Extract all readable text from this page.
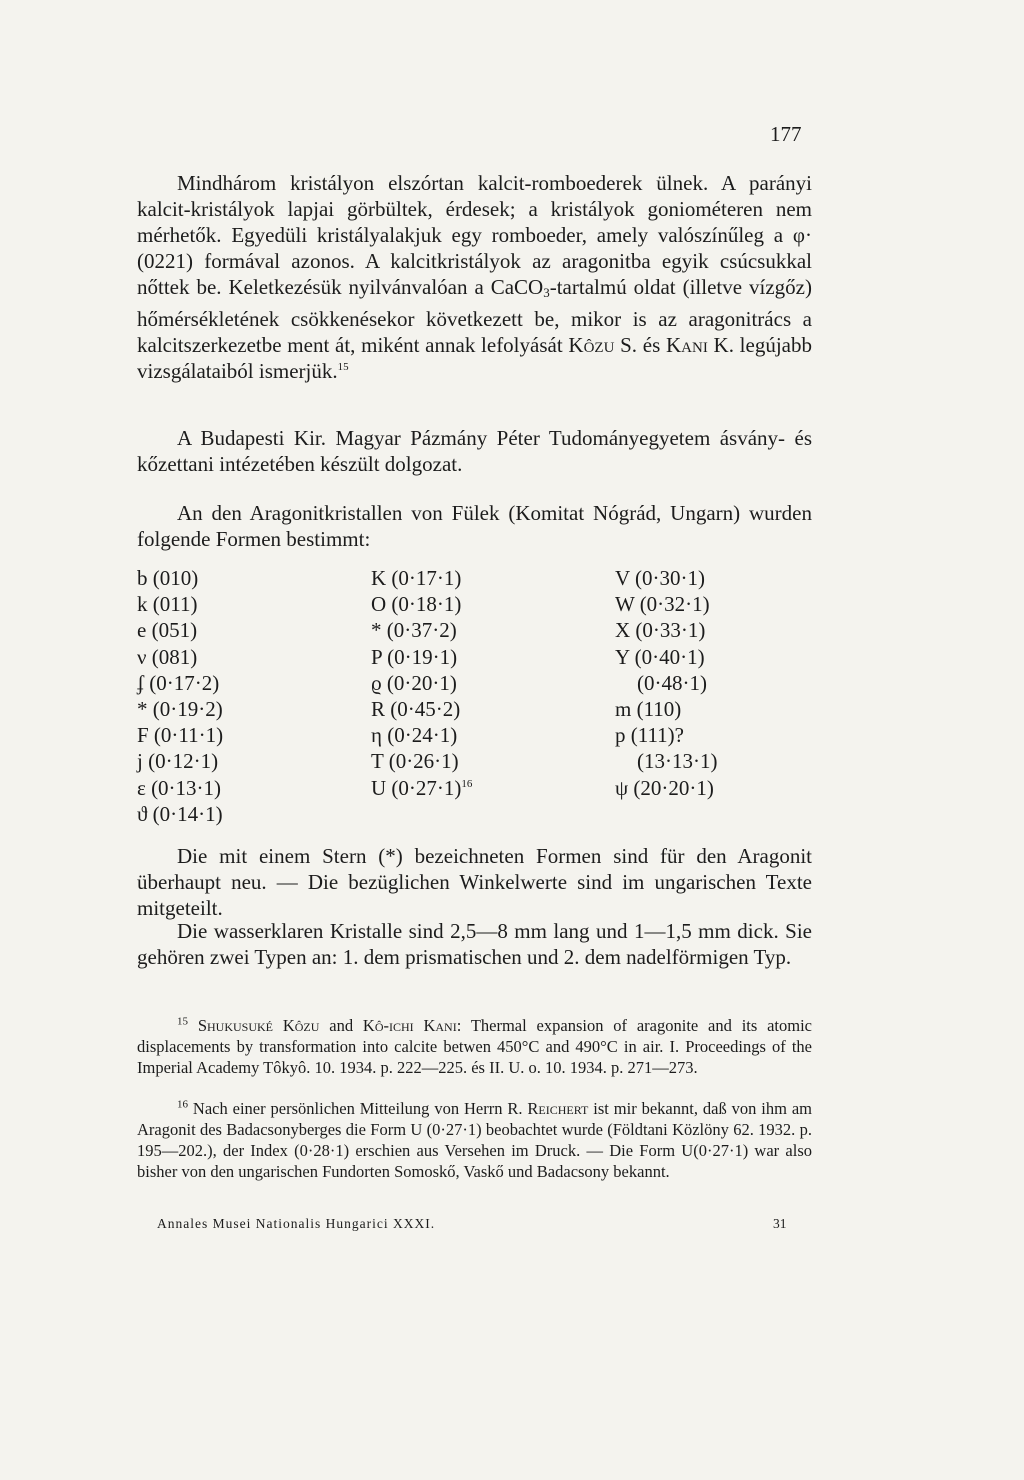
177

Mindhárom kristályon elszórtan kalcit-romboederek ülnek. A parányi kalcit-kristályok lapjai görbültek, érdesek; a kristályok goniométeren nem mérhetők. Egyedüli kristályalakjuk egy romboeder, amely valószínűleg a φ· (0221) formával azonos. A kalcitkristályok az aragonitba egyik csúcsukkal nőttek be. Keletkezésük nyilvánvalóan a CaCO$_3$-tartalmú oldat (illetve vízgőz) hőmérsékletének csökkenésekor következett be, mikor is az aragonitrács a kalcitszerkezetbe ment át, miként annak lefolyását Kôzu S. és Kani K. legújabb vizsgálataiból ismerjük.$^{15}$

A Budapesti Kir. Magyar Pázmány Péter Tudományegyetem ásvány- és kőzettani intézetében készült dolgozat.

An den Aragonitkristallen von Fülek (Komitat Nógrád, Ungarn) wurden folgende Formen bestimmt:

b (010)
k (011)
e (051)
ν (081)
ʄ (0·17·2)
* (0·19·2)
F (0·11·1)
j (0·12·1)
ε (0·13·1)
ϑ (0·14·1)
K (0·17·1)
O (0·18·1)
* (0·37·2)
P (0·19·1)
ϱ (0·20·1)
R (0·45·2)
η (0·24·1)
T (0·26·1)
U $(0\cdot 27\cdot 1)^{16}$
V (0·30·1)
W (0·32·1)
X (0·33·1)
Y (0·40·1)
(0·48·1)
m (110)
p (111)?
(13·13·1)
ψ (20·20·1)

Die mit einem Stern (*) bezeichneten Formen sind für den Aragonit überhaupt neu. — Die bezüglichen Winkelwerte sind im ungarischen Texte mitgeteilt.

Die wasserklaren Kristalle sind 2,5—8 mm lang und 1—1,5 mm dick. Sie gehören zwei Typen an: 1. dem prismatischen und 2. dem nadelförmigen Typ.

$^{15}$ Shukusuké Kôzu and Kô-ichi Kani: Thermal expansion of aragonite and its atomic displacements by transformation into calcite betwen 450°C and 490°C in air. I. Proceedings of the Imperial Academy Tôkyô. 10. 1934. p. 222—225. és II. U. o. 10. 1934. p. 271—273.

$^{16}$ Nach einer persönlichen Mitteilung von Herrn R. Reichert ist mir bekannt, daß von ihm am Aragonit des Badacsonyberges die Form U (0·27·1) beobachtet wurde (Földtani Közlöny 62. 1932. p. 195—202.), der Index (0·28·1) erschien aus Versehen im Druck. — Die Form U(0·27·1) war also bisher von den ungarischen Fundorten Somoskő, Vaskő und Badacsony bekannt.

Annales Musei Nationalis Hungarici XXXI.	31
